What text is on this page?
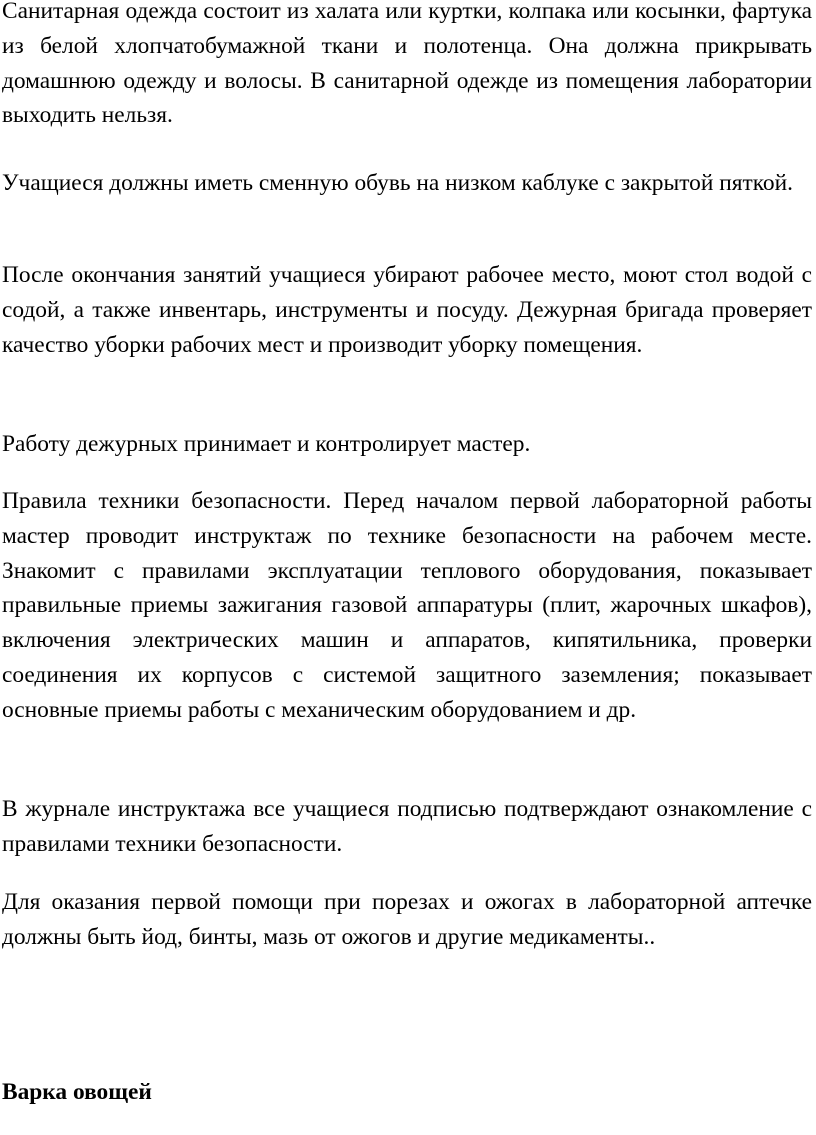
Санитарная одежда состоит из халата или куртки, колпака или косынки, фартука из белой хлопчатобумажной ткани и полотенца. Она должна прикрывать домашнюю одежду и волосы. В санитарной одежде из помещения лаборатории выходить нельзя.

Учащиеся должны иметь сменную обувь на низком каблуке с закрытой пяткой.

После окончания занятий учащиеся убирают рабочее место, моют стол водой с содой, а также инвентарь, инструменты и посуду. Дежурная бригада проверяет качество уборки рабочих мест и производит уборку помещения.

Работу дежурных принимает и контролирует мастер.

Правила техники безопасности. Перед началом первой лабораторной работы мастер проводит инструктаж по технике безопасности на рабочем месте. Знакомит с правилами эксплуатации теплового оборудования, показывает правильные приемы зажигания газовой аппаратуры (плит, жарочных шкафов), включения электрических машин и аппаратов, кипятильника, проверки соединения их корпусов с системой защитного заземления; показывает основные приемы работы с механическим оборудованием и др.

В журнале инструктажа все учащиеся подписью подтверждают ознакомление с правилами техники безопасности.

Для оказания первой помощи при порезах и ожогах в лабораторной аптечке должны быть йод, бинты, мазь от ожогов и другие медикаменты..

Варка овощей
